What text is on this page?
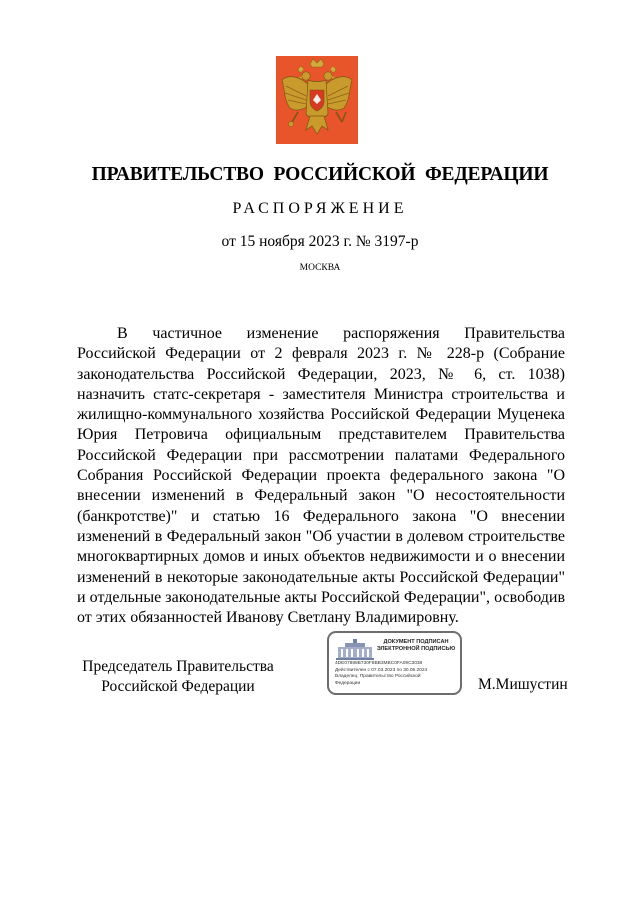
ПРАВИТЕЛЬСТВО РОССИЙСКОЙ ФЕДЕРАЦИИ
РАСПОРЯЖЕНИЕ
от 15 ноября 2023 г. № 3197-р
МОСКВА

В частичное изменение распоряжения Правительства Российской Федерации от 2 февраля 2023 г. № 228-р (Собрание законодательства Российской Федерации, 2023, № 6, ст. 1038) назначить статс-секретаря - заместителя Министра строительства и жилищно-коммунального хозяйства Российской Федерации Муценека Юрия Петровича официальным представителем Правительства Российской Федерации при рассмотрении палатами Федерального Собрания Российской Федерации проекта федерального закона "О внесении изменений в Федеральный закон "О несостоятельности (банкротстве)" и статью 16 Федерального закона "О внесении изменений в Федеральный закон "Об участии в долевом строительстве многоквартирных домов и иных объектов недвижимости и о внесении изменений в некоторые законодательные акты Российской Федерации" и отдельные законодательные акты Российской Федерации", освободив от этих обязанностей Иванову Светлану Владимировну.

Председатель Правительства
Российской Федерации
ДОКУМЕНТ ПОДПИСАН
ЭЛЕКТРОННОЙ ПОДПИСЬЮ
4DE07888B730F8BB3MBC0FA09C3038
Действителен с 07.03.2023 по 30.05.2024
Владелец: Правительство Российской
Федерации	М.Мишустин
